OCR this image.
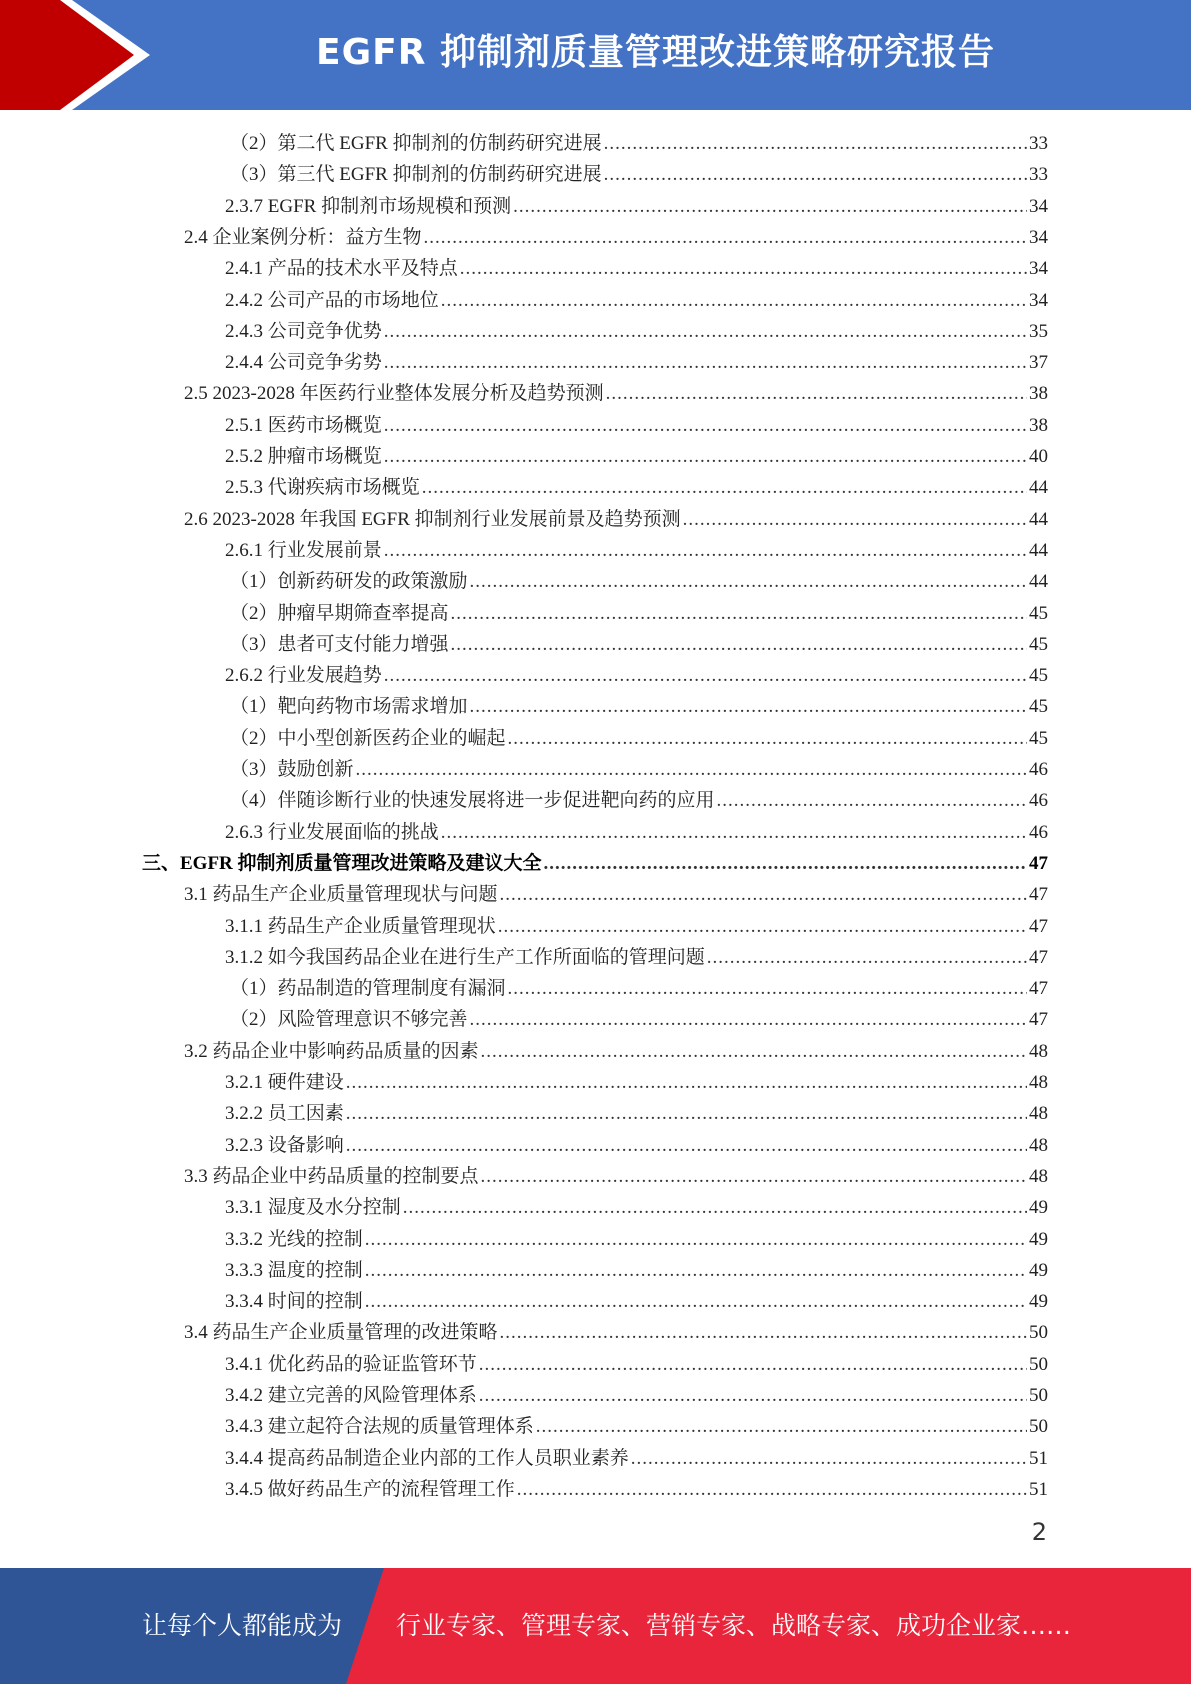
EGFR 抑制剂质量管理改进策略研究报告
（2）第二代 EGFR 抑制剂的仿制药研究进展 .....	33
（3）第三代 EGFR 抑制剂的仿制药研究进展 .....	33
2.3.7 EGFR 抑制剂市场规模和预测 .....	34
2.4 企业案例分析：益方生物 .....	34
2.4.1 产品的技术水平及特点 .....	34
2.4.2 公司产品的市场地位 .....	34
2.4.3 公司竞争优势 .....	35
2.4.4 公司竞争劣势 .....	37
2.5 2023-2028 年医药行业整体发展分析及趋势预测 .....	38
2.5.1 医药市场概览 .....	38
2.5.2 肿瘤市场概览 .....	40
2.5.3 代谢疾病市场概览 .....	44
2.6 2023-2028 年我国 EGFR 抑制剂行业发展前景及趋势预测 .....	44
2.6.1 行业发展前景 .....	44
（1）创新药研发的政策激励 .....	44
（2）肿瘤早期筛查率提高 .....	45
（3）患者可支付能力增强 .....	45
2.6.2 行业发展趋势 .....	45
（1）靶向药物市场需求增加 .....	45
（2）中小型创新医药企业的崛起 .....	45
（3）鼓励创新 .....	46
（4）伴随诊断行业的快速发展将进一步促进靶向药的应用 .....	46
2.6.3 行业发展面临的挑战 .....	46
三、EGFR 抑制剂质量管理改进策略及建议大全 .....	47
3.1 药品生产企业质量管理现状与问题 .....	47
3.1.1 药品生产企业质量管理现状 .....	47
3.1.2 如今我国药品企业在进行生产工作所面临的管理问题 .....	47
（1）药品制造的管理制度有漏洞 .....	47
（2）风险管理意识不够完善 .....	47
3.2 药品企业中影响药品质量的因素 .....	48
3.2.1 硬件建设 .....	48
3.2.2 员工因素 .....	48
3.2.3 设备影响 .....	48
3.3 药品企业中药品质量的控制要点 .....	48
3.3.1 湿度及水分控制 .....	49
3.3.2 光线的控制 .....	49
3.3.3 温度的控制 .....	49
3.3.4 时间的控制 .....	49
3.4 药品生产企业质量管理的改进策略 .....	50
3.4.1 优化药品的验证监管环节 .....	50
3.4.2 建立完善的风险管理体系 .....	50
3.4.3 建立起符合法规的质量管理体系 .....	50
3.4.4 提高药品制造企业内部的工作人员职业素养 .....	51
3.4.5 做好药品生产的流程管理工作 .....	51
2
让每个人都能成为 行业专家、管理专家、营销专家、战略专家、成功企业家……
